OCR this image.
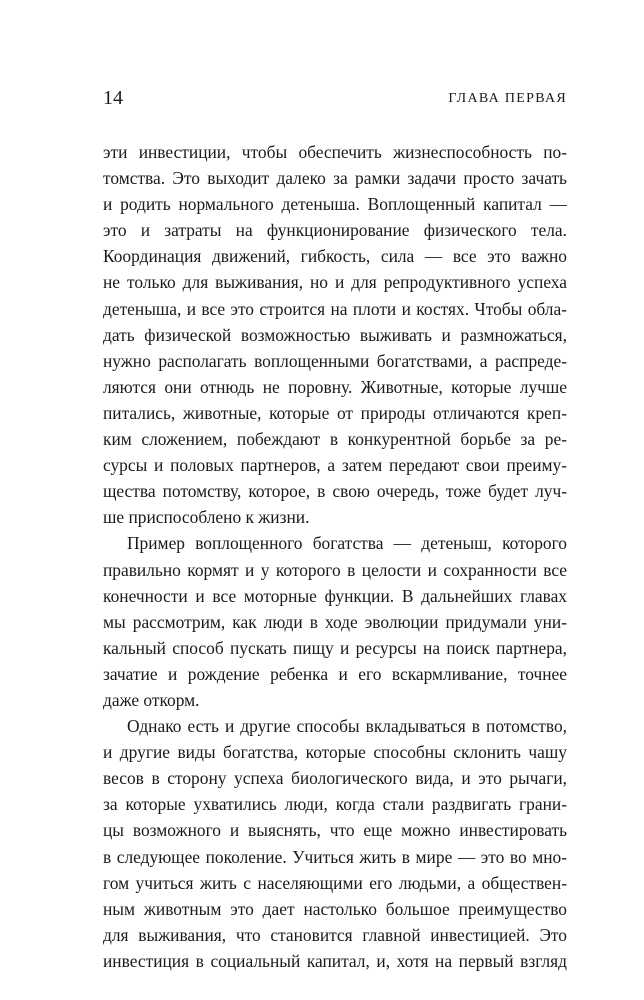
14	ГЛАВА ПЕРВАЯ
эти инвестиции, чтобы обеспечить жизнеспособность по-
томства. Это выходит далеко за рамки задачи просто зачать
и родить нормального детеныша. Воплощенный капитал —
это и затраты на функционирование физического тела.
Координация движений, гибкость, сила — все это важно
не только для выживания, но и для репродуктивного успеха
детеныша, и все это строится на плоти и костях. Чтобы обла-
дать физической возможностью выживать и размножаться,
нужно располагать воплощенными богатствами, а распреде-
ляются они отнюдь не поровну. Животные, которые лучше
питались, животные, которые от природы отличаются креп-
ким сложением, побеждают в конкурентной борьбе за ре-
сурсы и половых партнеров, а затем передают свои преиму-
щества потомству, которое, в свою очередь, тоже будет луч-
ше приспособлено к жизни.
Пример воплощенного богатства — детеныш, которого
правильно кормят и у которого в целости и сохранности все
конечности и все моторные функции. В дальнейших главах
мы рассмотрим, как люди в ходе эволюции придумали уни-
кальный способ пускать пищу и ресурсы на поиск партнера,
зачатие и рождение ребенка и его вскармливание, точнее
даже откорм.
Однако есть и другие способы вкладываться в потомство,
и другие виды богатства, которые способны склонить чашу
весов в сторону успеха биологического вида, и это рычаги,
за которые ухватились люди, когда стали раздвигать грани-
цы возможного и выяснять, что еще можно инвестировать
в следующее поколение. Учиться жить в мире — это во мно-
гом учиться жить с населяющими его людьми, а обществен-
ным животным это дает настолько большое преимущество
для выживания, что становится главной инвестицией. Это
инвестиция в социальный капитал, и, хотя на первый взгляд
